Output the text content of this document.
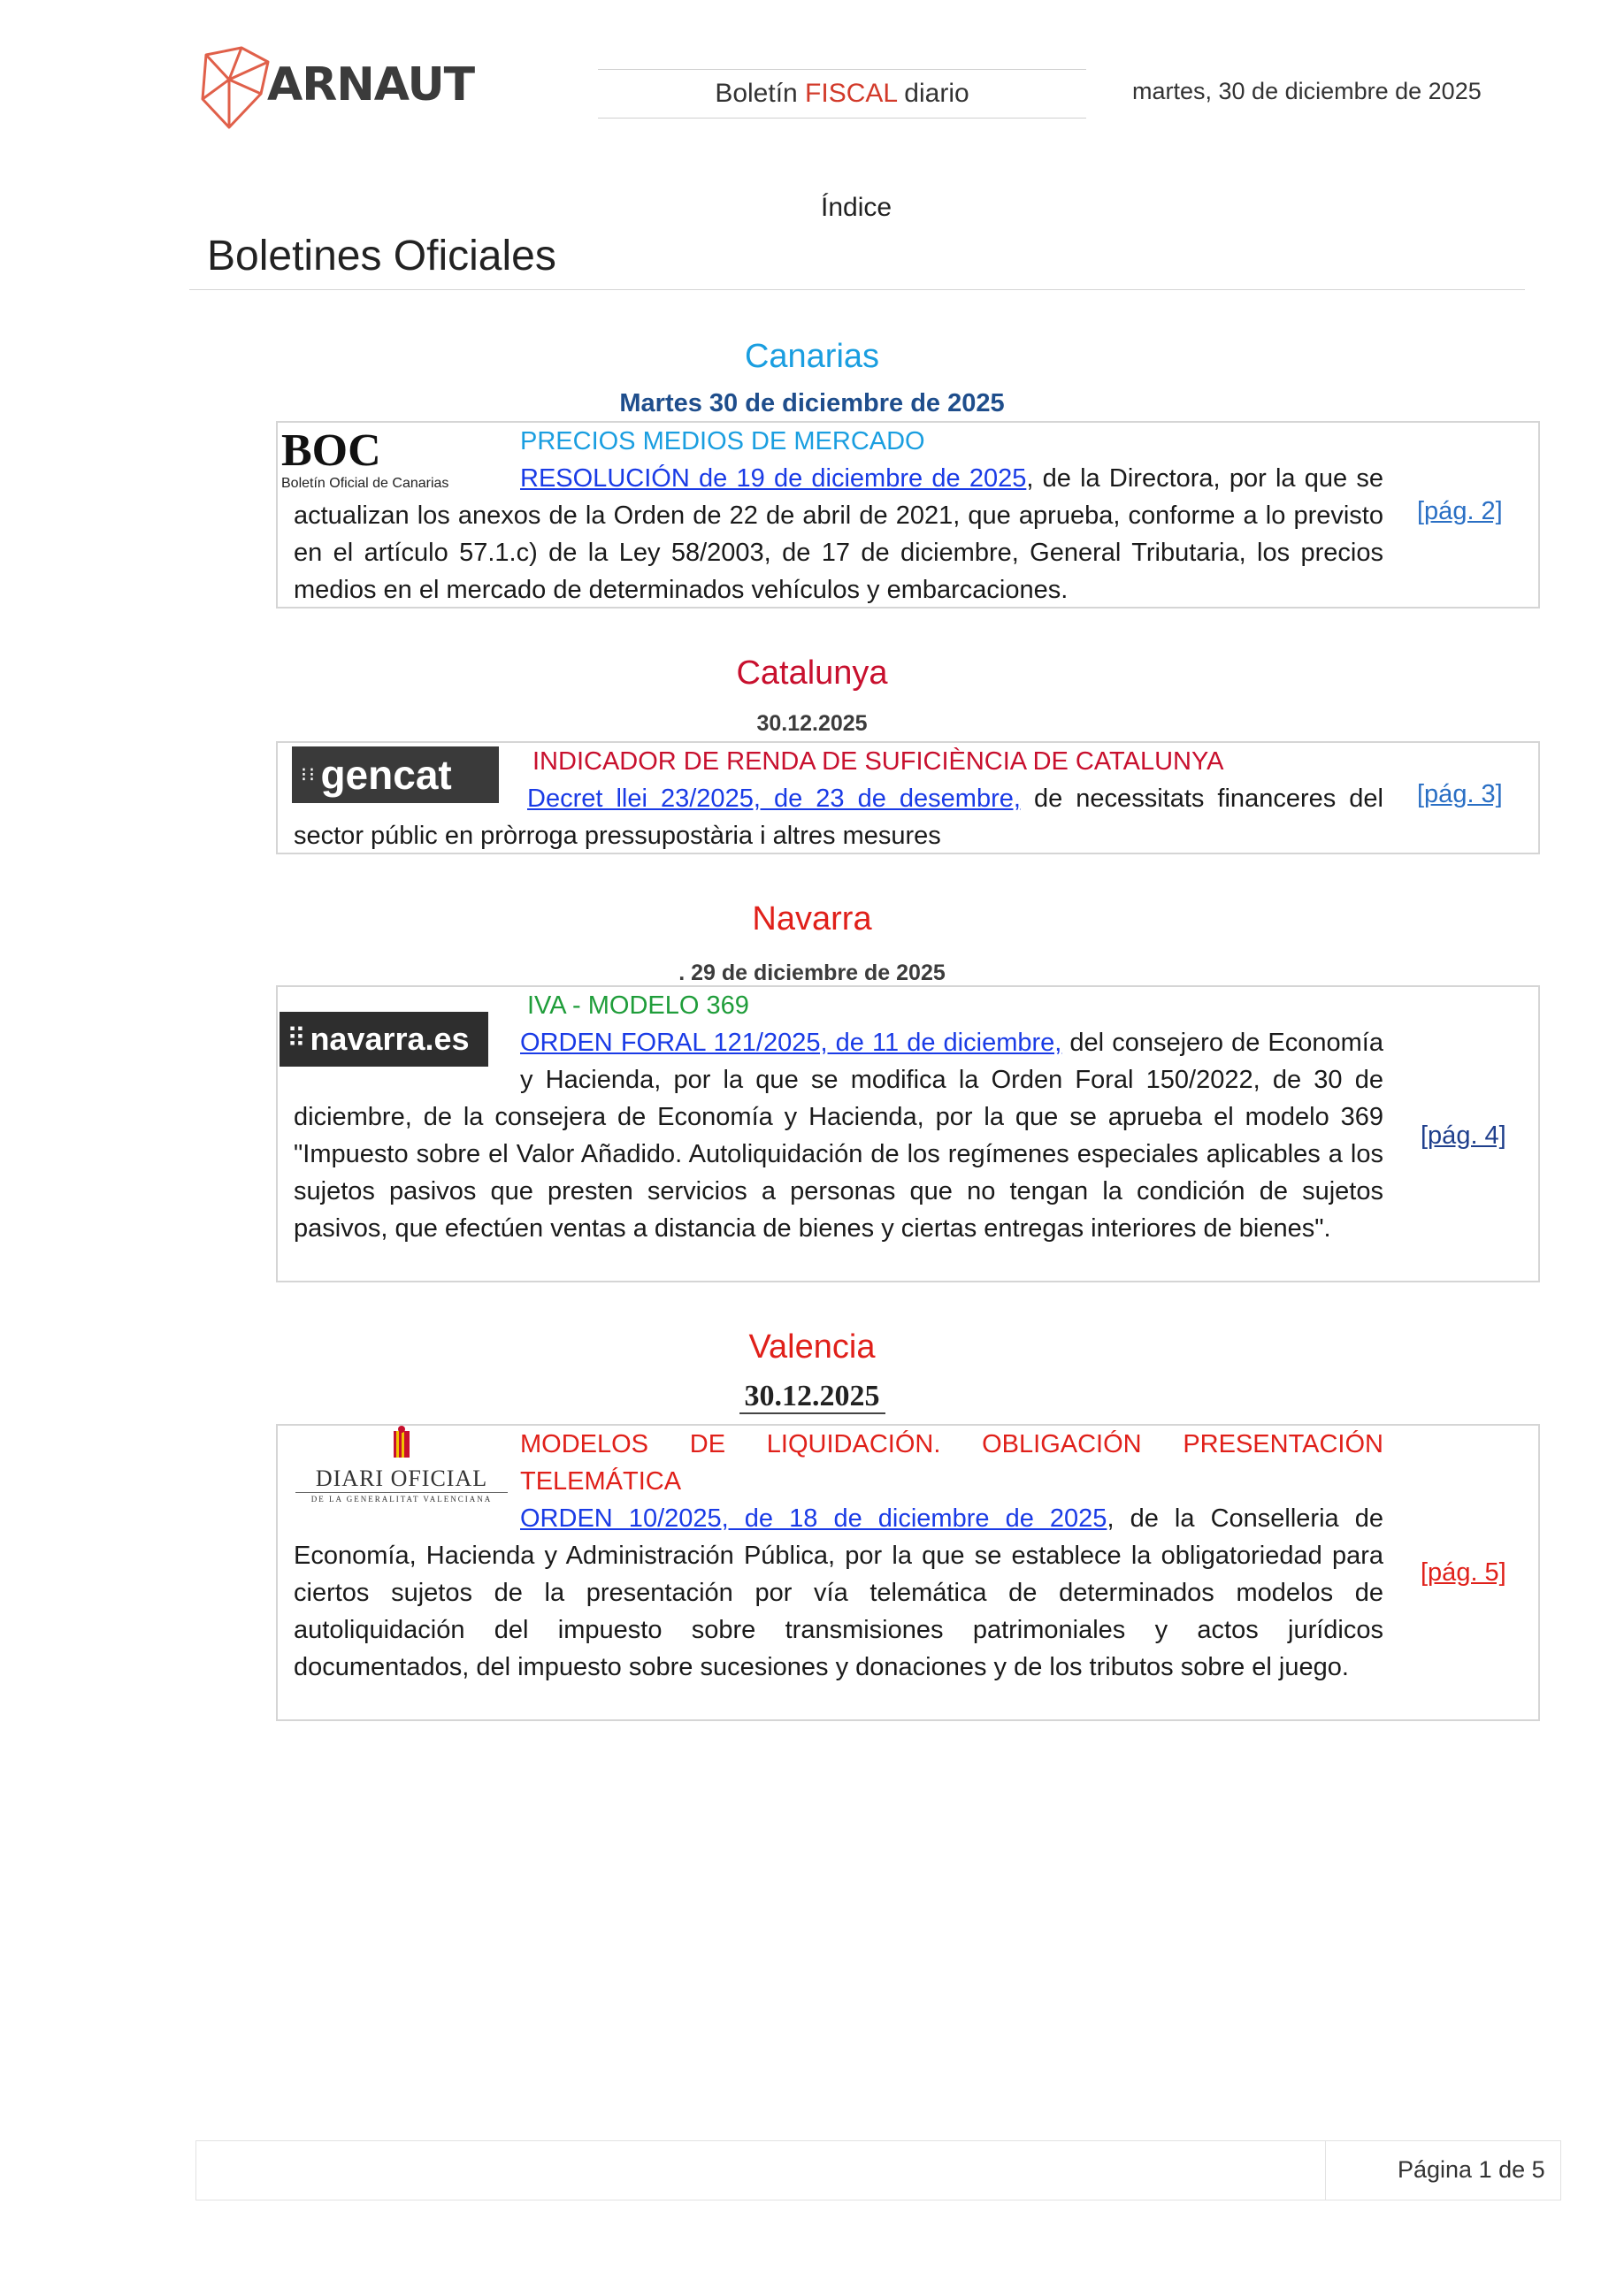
ARNAUT	Boletín FISCAL diario	martes, 30 de diciembre de 2025
Índice
Boletines Oficiales
Canarias
Martes 30 de diciembre de 2025
BOC
Boletín Oficial de Canarias
PRECIOS MEDIOS DE MERCADO
RESOLUCIÓN de 19 de diciembre de 2025, de la Directora, por la que se actualizan los anexos de la Orden de 22 de abril de 2021, que aprueba, conforme a lo previsto en el artículo 57.1.c) de la Ley 58/2003, de 17 de diciembre, General Tributaria, los precios medios en el mercado de determinados vehículos y embarcaciones.
[pág. 2]
Catalunya
30.12.2025
⁝⁝ gencat	INDICADOR DE RENDA DE SUFICIÈNCIA DE CATALUNYA
Decret llei 23/2025, de 23 de desembre, de necessitats financeres del sector públic en pròrroga pressupostària i altres mesures
[pág. 3]
Navarra
. 29 de diciembre de 2025
⠿ navarra.es
IVA - MODELO 369
ORDEN FORAL 121/2025, de 11 de diciembre, del consejero de Economía y Hacienda, por la que se modifica la Orden Foral 150/2022, de 30 de diciembre, de la consejera de Economía y Hacienda, por la que se aprueba el modelo 369 "Impuesto sobre el Valor Añadido. Autoliquidación de los regímenes especiales aplicables a los sujetos pasivos que presten servicios a personas que no tengan la condición de sujetos pasivos, que efectúen ventas a distancia de bienes y ciertas entregas interiores de bienes".
[pág. 4]
Valencia
30.12.2025
DIARI OFICIAL
DE LA GENERALITAT VALENCIANA
MODELOS DE LIQUIDACIÓN. OBLIGACIÓN PRESENTACIÓN TELEMÁTICA
ORDEN 10/2025, de 18 de diciembre de 2025, de la Conselleria de Economía, Hacienda y Administración Pública, por la que se establece la obligatoriedad para ciertos sujetos de la presentación por vía telemática de determinados modelos de autoliquidación del impuesto sobre transmisiones patrimoniales y actos jurídicos documentados, del impuesto sobre sucesiones y donaciones y de los tributos sobre el juego.
[pág. 5]
Página 1 de 5
